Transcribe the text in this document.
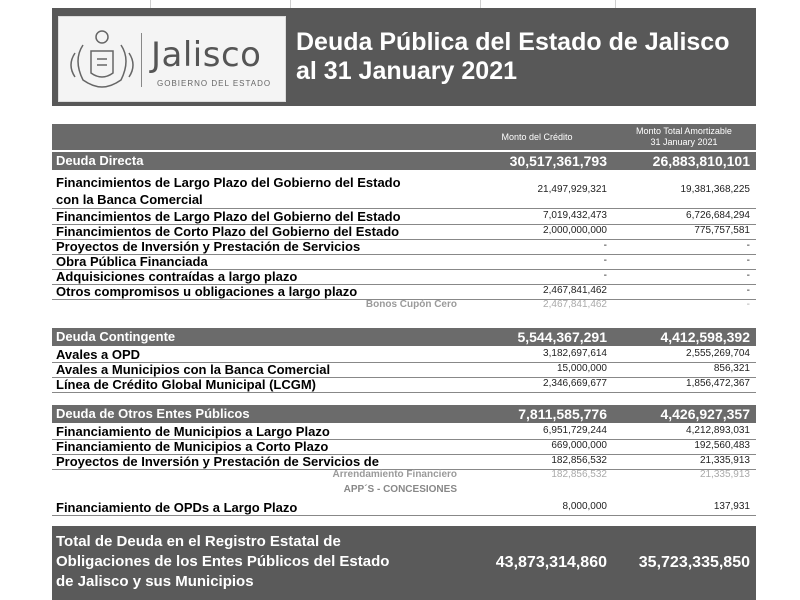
Jalisco
GOBIERNO DEL ESTADO
Deuda Pública del Estado de Jalisco
al 31 January 2021
Monto del Crédito
Monto Total Amortizable
31 January 2021
Deuda Directa	30,517,361,793	26,883,810,101
Financimientos de Largo Plazo del Gobierno del Estado
con la Banca Comercial
21,497,929,321	19,381,368,225
Financimientos de Largo Plazo del Gobierno del Estado	7,019,432,473	6,726,684,294
Financimientos de Corto Plazo del Gobierno del Estado	2,000,000,000	775,757,581
Proyectos de Inversión y Prestación de Servicios	-	-
Obra Pública Financiada	-	-
Adquisiciones contraídas a largo plazo	-	-
Otros compromisos u obligaciones a largo plazo	2,467,841,462	-
Bonos Cupón Cero	2,467,841,462	-
Deuda Contingente	5,544,367,291	4,412,598,392
Avales a OPD	3,182,697,614	2,555,269,704
Avales a Municipios con la Banca Comercial	15,000,000	856,321
Línea de Crédito Global Municipal (LCGM)	2,346,669,677	1,856,472,367
Deuda de Otros Entes Públicos	7,811,585,776	4,426,927,357
Financiamiento de Municipios a Largo Plazo	6,951,729,244	4,212,893,031
Financiamiento de Municipios a Corto Plazo	669,000,000	192,560,483
Proyectos de Inversión y Prestación de Servicios de	182,856,532	21,335,913
Arrendamiento Financiero	182,856,532	21,335,913
APP´S - CONCESIONES
Financiamiento de OPDs a Largo Plazo	8,000,000	137,931
Total de Deuda en el Registro Estatal de
Obligaciones de los Entes Públicos del Estado
de Jalisco y sus Municipios
43,873,314,860	35,723,335,850
